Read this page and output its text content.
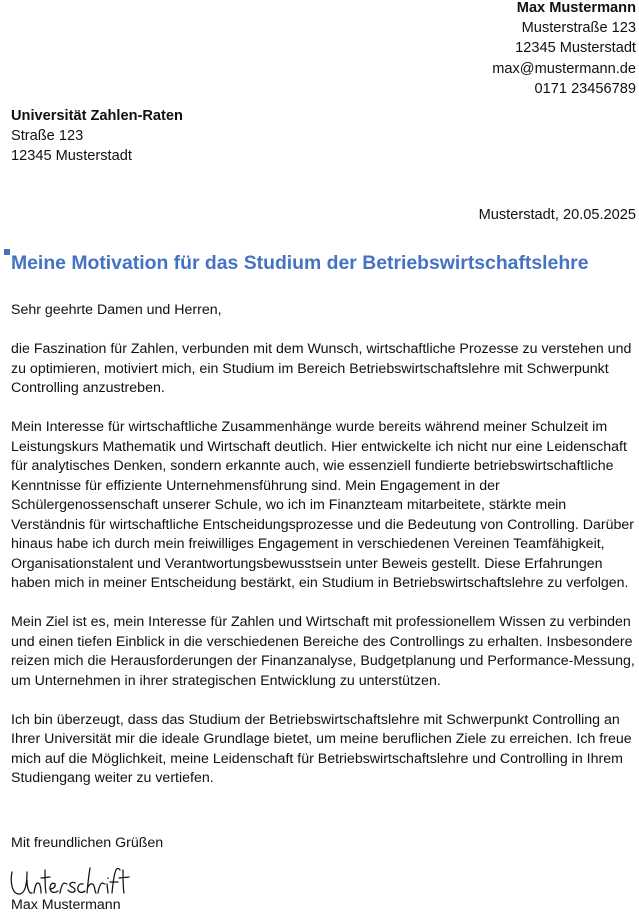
Max Mustermann
Musterstraße 123
12345 Musterstadt
max@mustermann.de
0171 23456789
Universität Zahlen-Raten
Straße 123
12345 Musterstadt
Musterstadt, 20.05.2025
Meine Motivation für das Studium der Betriebswirtschaftslehre

Sehr geehrte Damen und Herren,

die Faszination für Zahlen, verbunden mit dem Wunsch, wirtschaftliche Prozesse zu verstehen und zu optimieren, motiviert mich, ein Studium im Bereich Betriebswirtschaftslehre mit Schwerpunkt Controlling anzustreben.

Mein Interesse für wirtschaftliche Zusammenhänge wurde bereits während meiner Schulzeit im Leistungskurs Mathematik und Wirtschaft deutlich. Hier entwickelte ich nicht nur eine Leidenschaft für analytisches Denken, sondern erkannte auch, wie essenziell fundierte betriebswirtschaftliche Kenntnisse für effiziente Unternehmensführung sind. Mein Engagement in der Schülergenossenschaft unserer Schule, wo ich im Finanzteam mitarbeitete, stärkte mein Verständnis für wirtschaftliche Entscheidungsprozesse und die Bedeutung von Controlling. Darüber hinaus habe ich durch mein freiwilliges Engagement in verschiedenen Vereinen Teamfähigkeit, Organisationstalent und Verantwortungsbewusstsein unter Beweis gestellt. Diese Erfahrungen haben mich in meiner Entscheidung bestärkt, ein Studium in Betriebswirtschaftslehre zu verfolgen.

Mein Ziel ist es, mein Interesse für Zahlen und Wirtschaft mit professionellem Wissen zu verbinden und einen tiefen Einblick in die verschiedenen Bereiche des Controllings zu erhalten. Insbesondere reizen mich die Herausforderungen der Finanzanalyse, Budgetplanung und Performance-Messung, um Unternehmen in ihrer strategischen Entwicklung zu unterstützen.

Ich bin überzeugt, dass das Studium der Betriebswirtschaftslehre mit Schwerpunkt Controlling an Ihrer Universität mir die ideale Grundlage bietet, um meine beruflichen Ziele zu erreichen. Ich freue mich auf die Möglichkeit, meine Leidenschaft für Betriebswirtschaftslehre und Controlling in Ihrem Studiengang weiter zu vertiefen.

Mit freundlichen Grüßen
Max Mustermann
